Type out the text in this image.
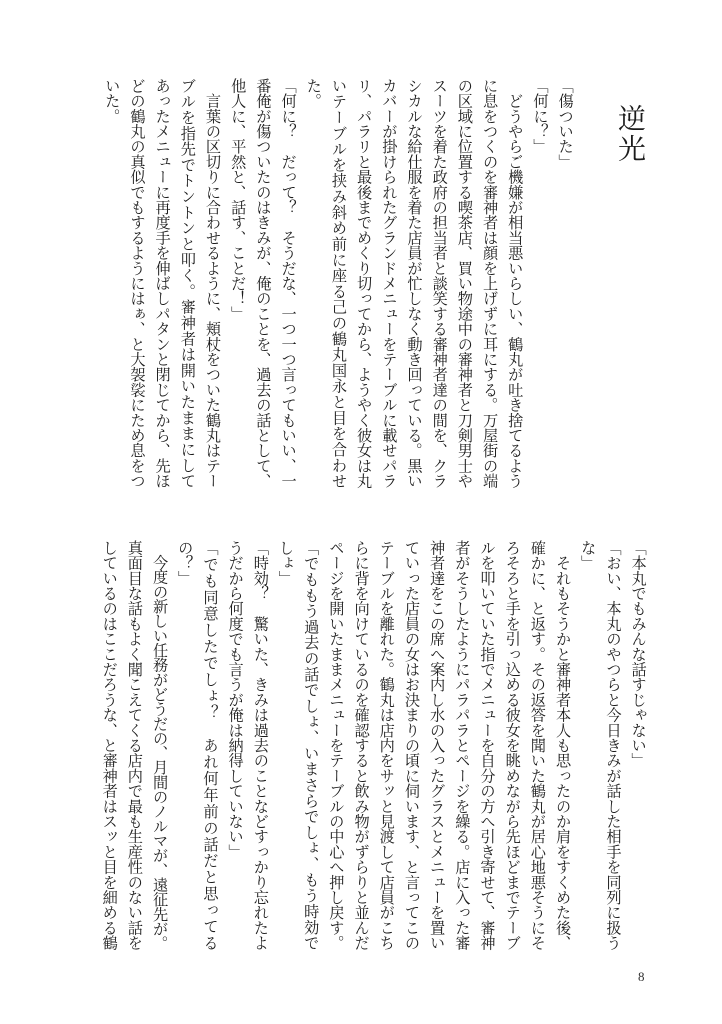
逆光
「傷ついた」
「何に？」
　どうやらご機嫌が相当悪いらしい、鶴丸が吐き捨てるよう
に息をつくのを審神者は顔を上げずに耳にする。万屋街の端
の区域に位置する喫茶店、買い物途中の審神者と刀剣男士や
スーツを着た政府の担当者と談笑する審神者達の間を、クラ
シカルな給仕服を着た店員が忙しなく動き回っている。黒い
カバーが掛けられたグランドメニューをテーブルに載せパラ
リ、パラリと最後までめくり切ってから、ようやく彼女は丸
いテーブルを挟み斜め前に座る己の鶴丸国永と目を合わせ
た。
「何に？　だって？　そうだな、一つ一つ言ってもいい、一
番俺が傷ついたのはきみが、俺のことを、過去の話として、
他人に、平然と、話す、ことだ！」
　言葉の区切りに合わせるように、頬杖をついた鶴丸はテー
ブルを指先でトントンと叩く。審神者は開いたままにして
あったメニューに再度手を伸ばしパタンと閉じてから、先ほ
どの鶴丸の真似でもするようにはぁ、と大袈裟にため息をつ
いた。
「本丸でもみんな話すじゃない」
「おい、本丸のやつらと今日きみが話した相手を同列に扱う
な」
　それもそうかと審神者本人も思ったのか肩をすくめた後、
確かに、と返す。その返答を聞いた鶴丸が居心地悪そうにそ
ろそろと手を引っ込める彼女を眺めながら先ほどまでテーブ
ルを叩いていた指でメニューを自分の方へ引き寄せて、審神
者がそうしたようにパラパラとページを繰る。店に入った審
神者達をこの席へ案内し水の入ったグラスとメニューを置い
ていった店員の女はお決まりの頃に伺います、と言ってこの
テーブルを離れた。鶴丸は店内をサッと見渡して店員がこち
らに背を向けているのを確認すると飲み物がずらりと並んだ
ページを開いたままメニューをテーブルの中心へ押し戻す。
「でももう過去の話でしょ、いまさらでしょ、もう時効で
しょ」
「時効？　驚いた、きみは過去のことなどすっかり忘れたよ
うだから何度でも言うが俺は納得していない」
「でも同意したでしょ？　あれ何年前の話だと思ってる
の？」
　今度の新しい任務がどうだの、月間のノルマが、遠征先が。
真面目な話もよく聞こえてくる店内で最も生産性のない話を
しているのはここだろうな、と審神者はスッと目を細める鶴
8
